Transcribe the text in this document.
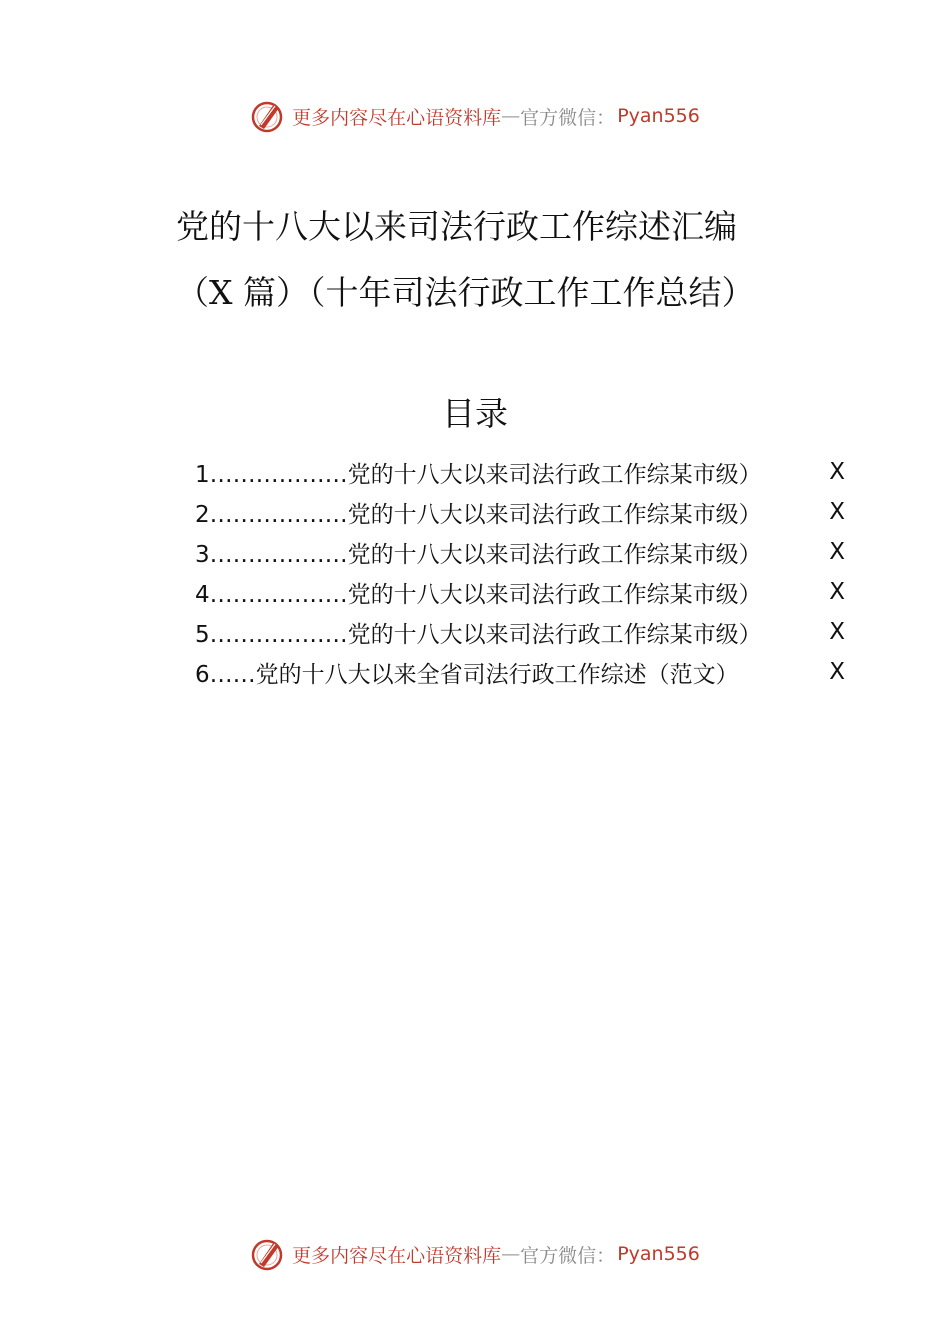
更多内容尽在心语资料库 — 官方微信： Pyan556
党的十八大以来司法行政工作综述汇编
（X 篇）（十年司法行政工作工作总结）
目录
1………………党的十八大以来司法行政工作综某市级）	X
2………………党的十八大以来司法行政工作综某市级）	X
3………………党的十八大以来司法行政工作综某市级）	X
4………………党的十八大以来司法行政工作综某市级）	X
5………………党的十八大以来司法行政工作综某市级）	X
6……党的十八大以来全省司法行政工作综述（范文）	X
更多内容尽在心语资料库 — 官方微信： Pyan556
